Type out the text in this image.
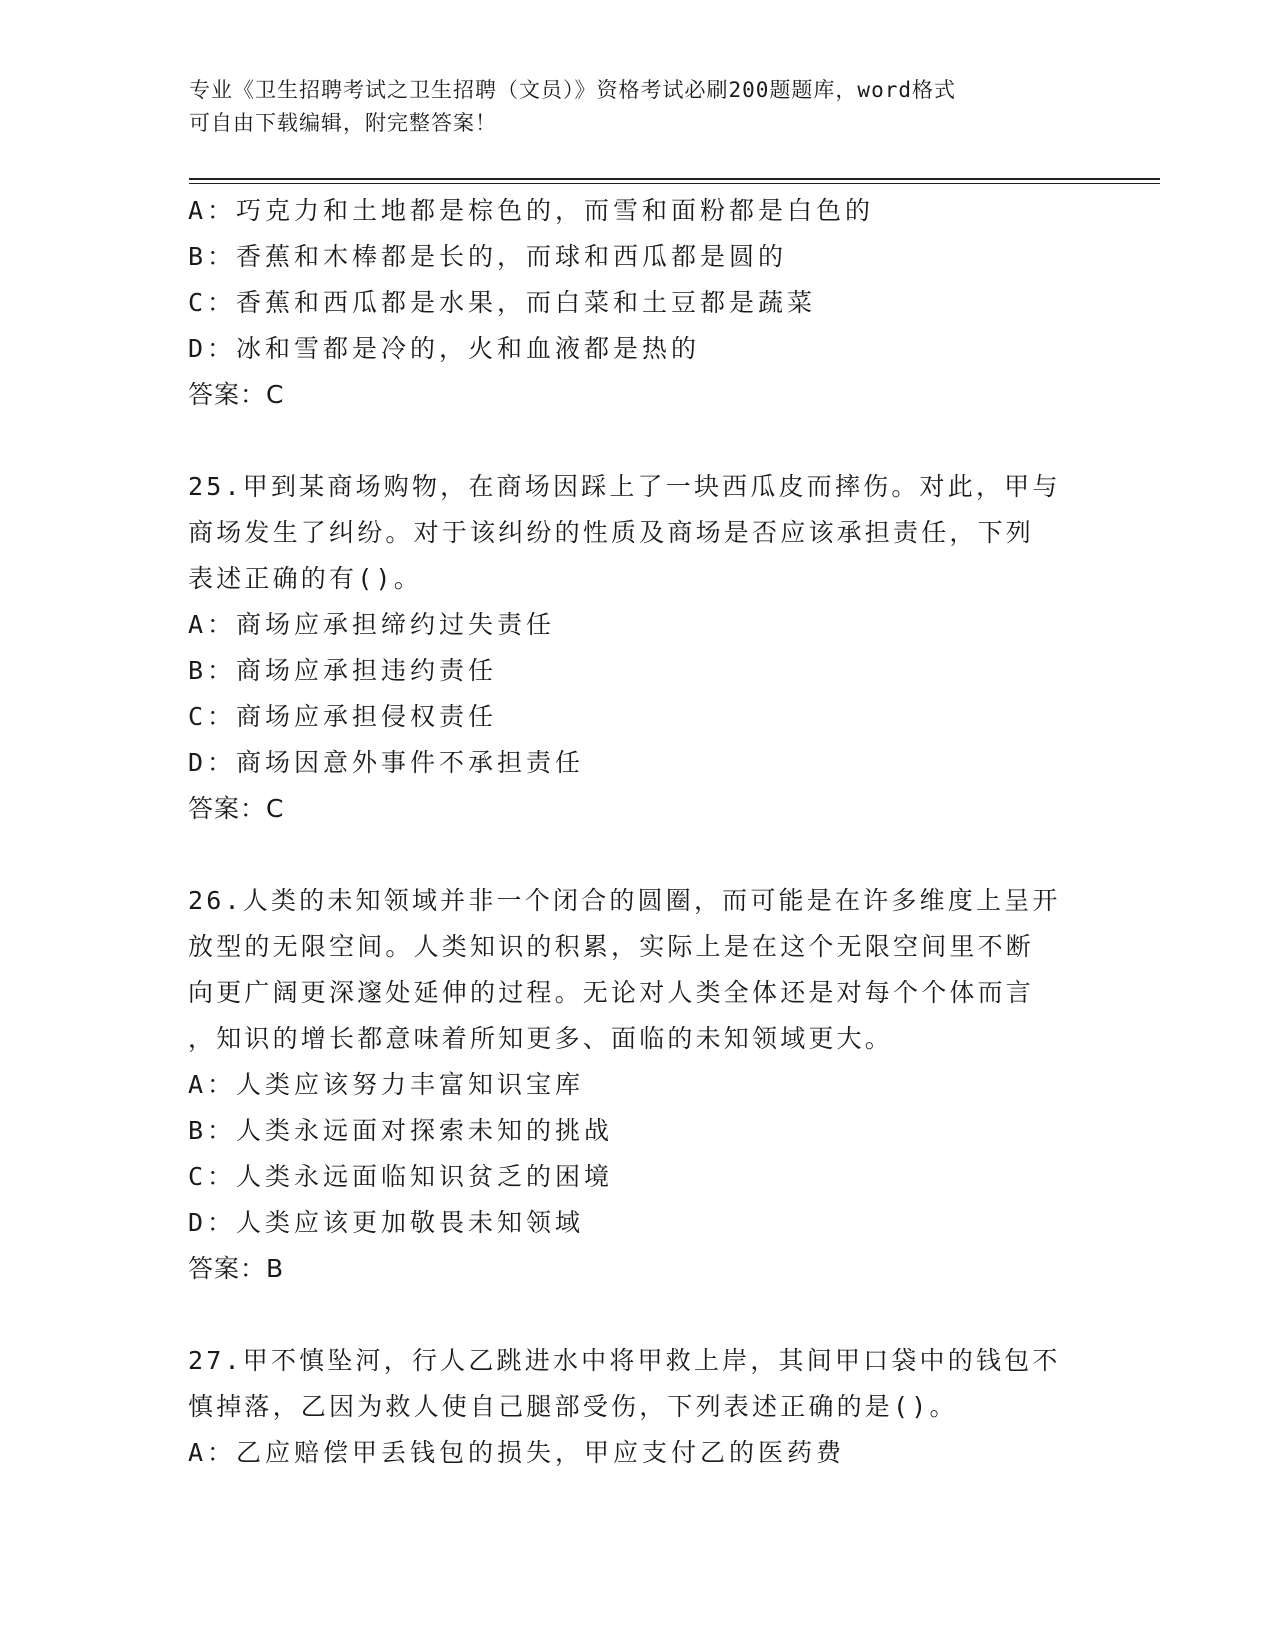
专业《卫生招聘考试之卫生招聘（文员）》资格考试必刷200题题库，word格式
可自由下载编辑，附完整答案！
A：巧克力和土地都是棕色的，而雪和面粉都是白色的
B：香蕉和木棒都是长的，而球和西瓜都是圆的
C：香蕉和西瓜都是水果，而白菜和土豆都是蔬菜
D：冰和雪都是冷的，火和血液都是热的
答案：C
25.甲到某商场购物，在商场因踩上了一块西瓜皮而摔伤。对此，甲与
商场发生了纠纷。对于该纠纷的性质及商场是否应该承担责任，下列
表述正确的有()。
A：商场应承担缔约过失责任
B：商场应承担违约责任
C：商场应承担侵权责任
D：商场因意外事件不承担责任
答案：C
26.人类的未知领域并非一个闭合的圆圈，而可能是在许多维度上呈开
放型的无限空间。人类知识的积累，实际上是在这个无限空间里不断
向更广阔更深邃处延伸的过程。无论对人类全体还是对每个个体而言
，知识的增长都意味着所知更多、面临的未知领域更大。
A：人类应该努力丰富知识宝库
B：人类永远面对探索未知的挑战
C：人类永远面临知识贫乏的困境
D：人类应该更加敬畏未知领域
答案：B
27.甲不慎坠河，行人乙跳进水中将甲救上岸，其间甲口袋中的钱包不
慎掉落，乙因为救人使自己腿部受伤，下列表述正确的是()。
A：乙应赔偿甲丢钱包的损失，甲应支付乙的医药费
